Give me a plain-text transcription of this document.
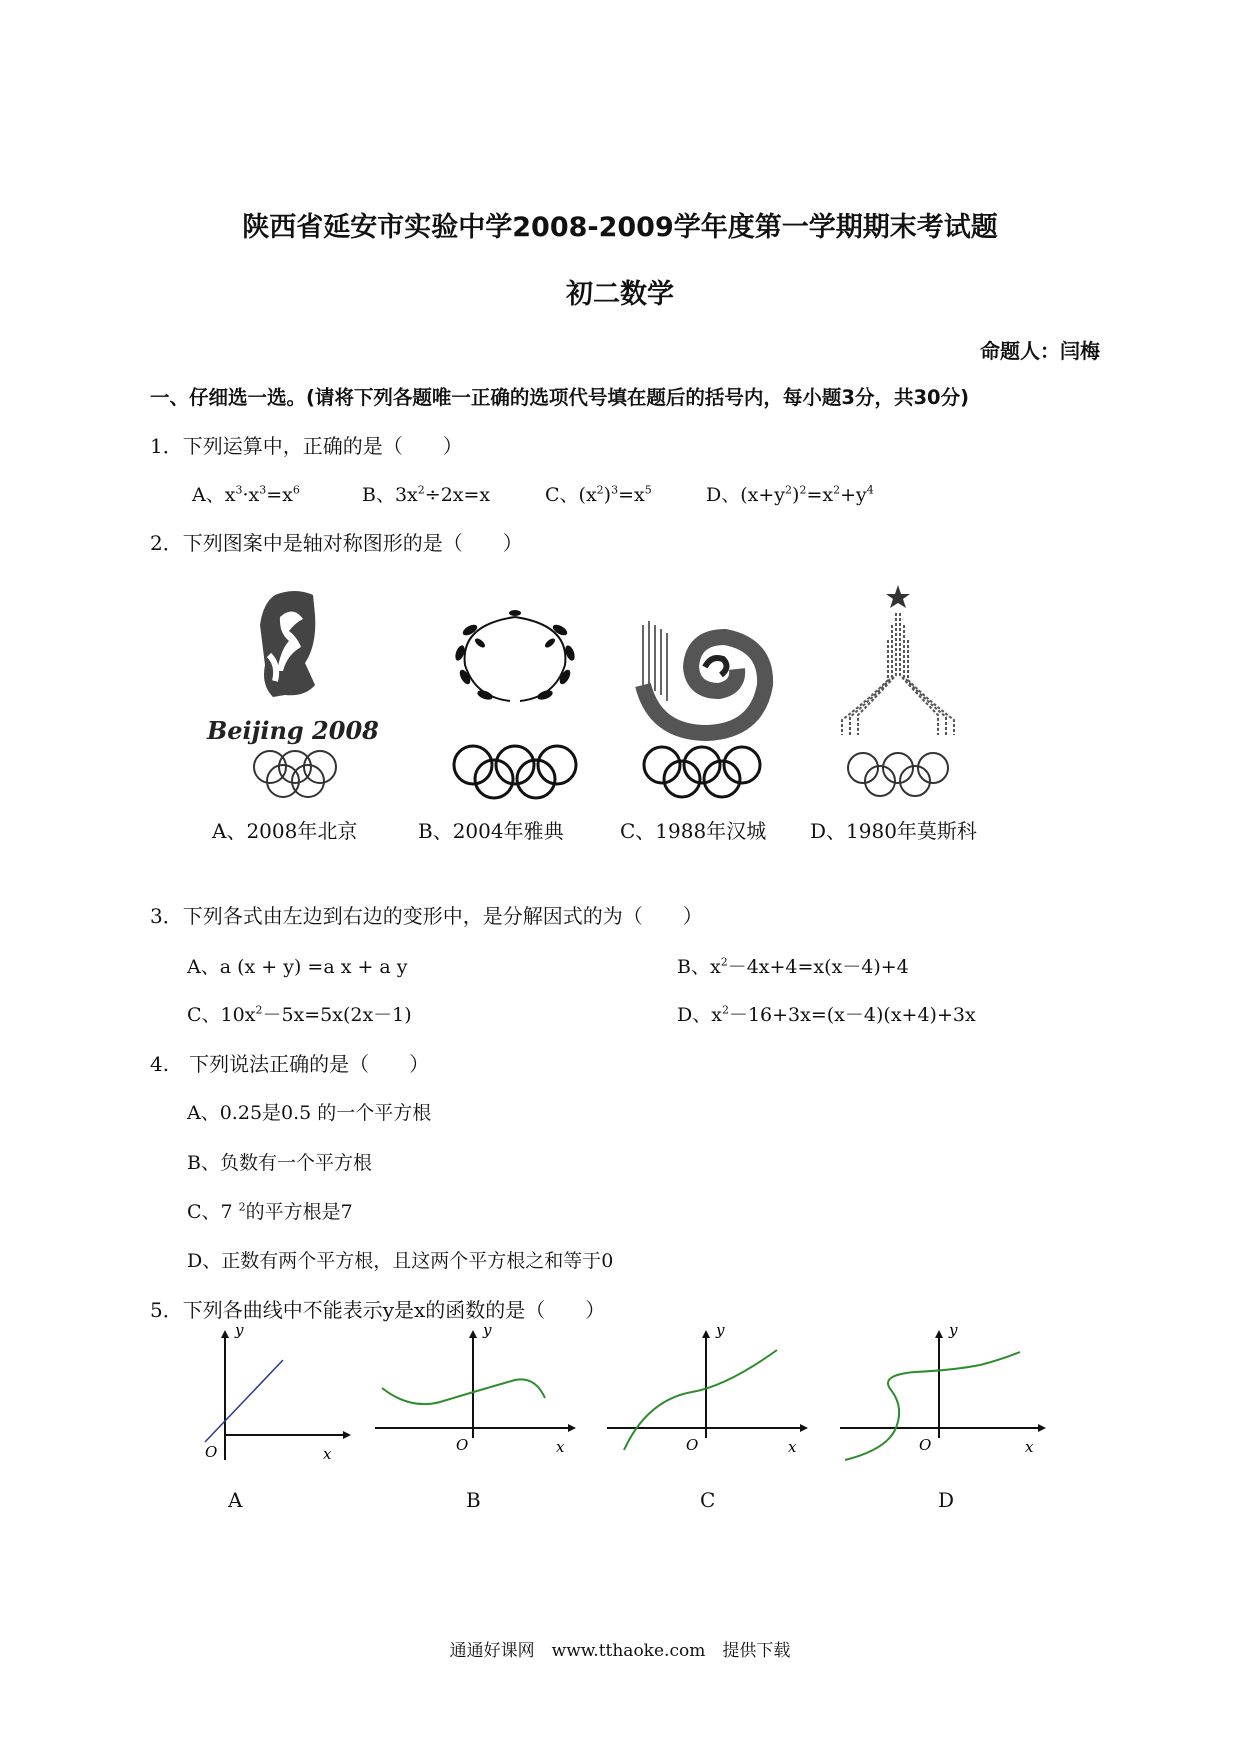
陕西省延安市实验中学2008-2009学年度第一学期期末考试题
初二数学
命题人：闫梅
一、仔细选一选。(请将下列各题唯一正确的选项代号填在题后的括号内，每小题3分，共30分)
1．下列运算中，正确的是（　　）
A、$x^3\cdot x^3=x^6$	B、$3x^2\div 2x=x$	C、$(x^2)^3=x^5$	D、$(x+y^2)^2=x^2+y^4$
2．下列图案中是轴对称图形的是（　　）
Beijing 2008
A、2008年北京	B、2004年雅典	C、1988年汉城 D、1980年莫斯科
3．下列各式由左边到右边的变形中，是分解因式的为（　　）
A、a (x + y) =a x + a y	B、$x^2-4x+4=x(x-4)+4$
C、$10x^2-5x=5x(2x-1)$	D、$x^2-16+3x=(x-4)(x+4)+3x$
4.　下列说法正确的是（　　）
A、0.25是0.5 的一个平方根
B、负数有一个平方根
C、7 $^2$的平方根是7
D、正数有两个平方根，且这两个平方根之和等于0
5．下列各曲线中不能表示y是x的函数的是（　　）
y
O	x
y
O	x
y
O	x
y
O	x
A	B	C	D
通通好课网　www.tthaoke.com　提供下载
